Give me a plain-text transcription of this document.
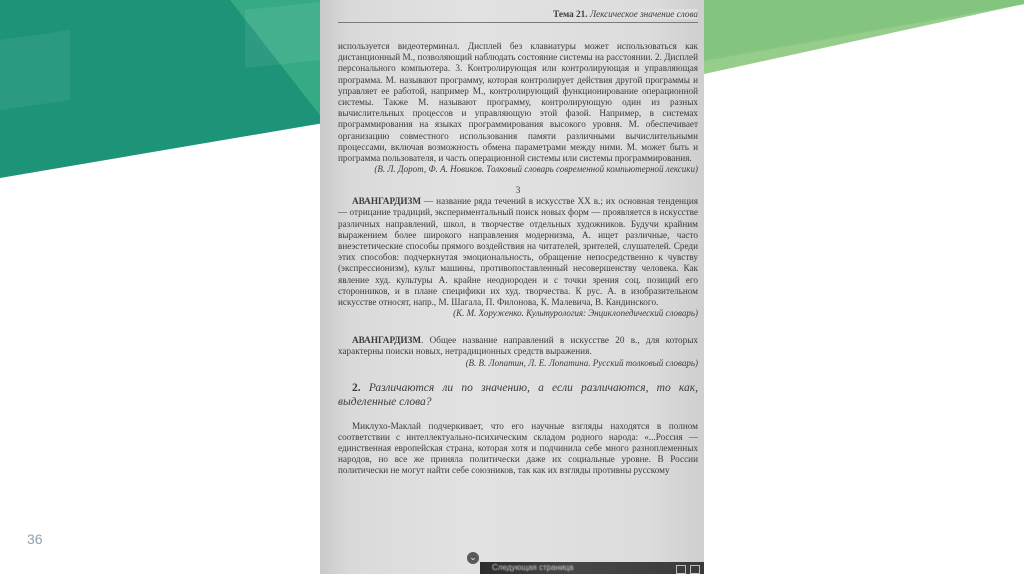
36
Тема 21. Лексическое значение слова

используется видеотерминал. Дисплей без клавиатуры может использоваться как дистанционный М., позволяющий наблюдать состояние системы на расстоянии. 2. Дисплей персонального компьютера. 3. Контролирующая или контролирующая и управляющая программа. М. называют программу, которая контролирует действия другой программы и управляет ее работой, например М., контролирующий функционирование операционной системы. Также М. называют программу, контролирующую один из разных вычислительных процессов и управляющую этой фазой. Например, в системах программирования на языках программирования высокого уровня. М. обеспечивает организацию совместного использования памяти различными вычислительными процессами, включая возможность обмена параметрами между ними. М. может быть и программа пользователя, и часть операционной системы или системы программирования.

(В. Л. Дорот, Ф. А. Новиков. Толковый словарь современной компьютерной лексики)

3

АВАНГАРДИЗМ — название ряда течений в искусстве XX в.; их основная тенденция — отрицание традиций, экспериментальный поиск новых форм — проявляется в искусстве различных направлений, школ, в творчестве отдельных художников. Будучи крайним выражением более широкого направления модернизма, А. ищет различные, часто внеэстетические способы прямого воздействия на читателей, зрителей, слушателей. Среди этих способов: подчеркнутая эмоциональность, обращение непосредственно к чувству (экспрессионизм), культ машины, противопоставленный несовершенству человека. Как явление худ. культуры А. крайне неоднороден и с точки зрения соц. позиций его сторонников, и в плане специфики их худ. творчества. К рус. А. в изобразительном искусстве относят, напр., М. Шагала, П. Филонова, К. Малевича, В. Кандинского.

(К. М. Хоруженко. Культурология: Энциклопедический словарь)

АВАНГАРДИЗМ. Общее название направлений в искусстве 20 в., для которых характерны поиски новых, нетрадиционных средств выражения.

(В. В. Лопатин, Л. Е. Лопатина. Русский толковый словарь)

2. Различаются ли по значению, а если различаются, то как, выделенные слова?

Миклухо-Маклай подчеркивает, что его научные взгляды находятся в полном соответствии с интеллектуально-психическим складом родного народа: «...Россия — единственная европейская страна, которая хотя и подчинила себе много разноплеменных народов, но все же приняла политически даже их социальные уровне. В России политически не могут найти себе союзников, так как их взгляды противны русскому

⌄
Следующая страница
